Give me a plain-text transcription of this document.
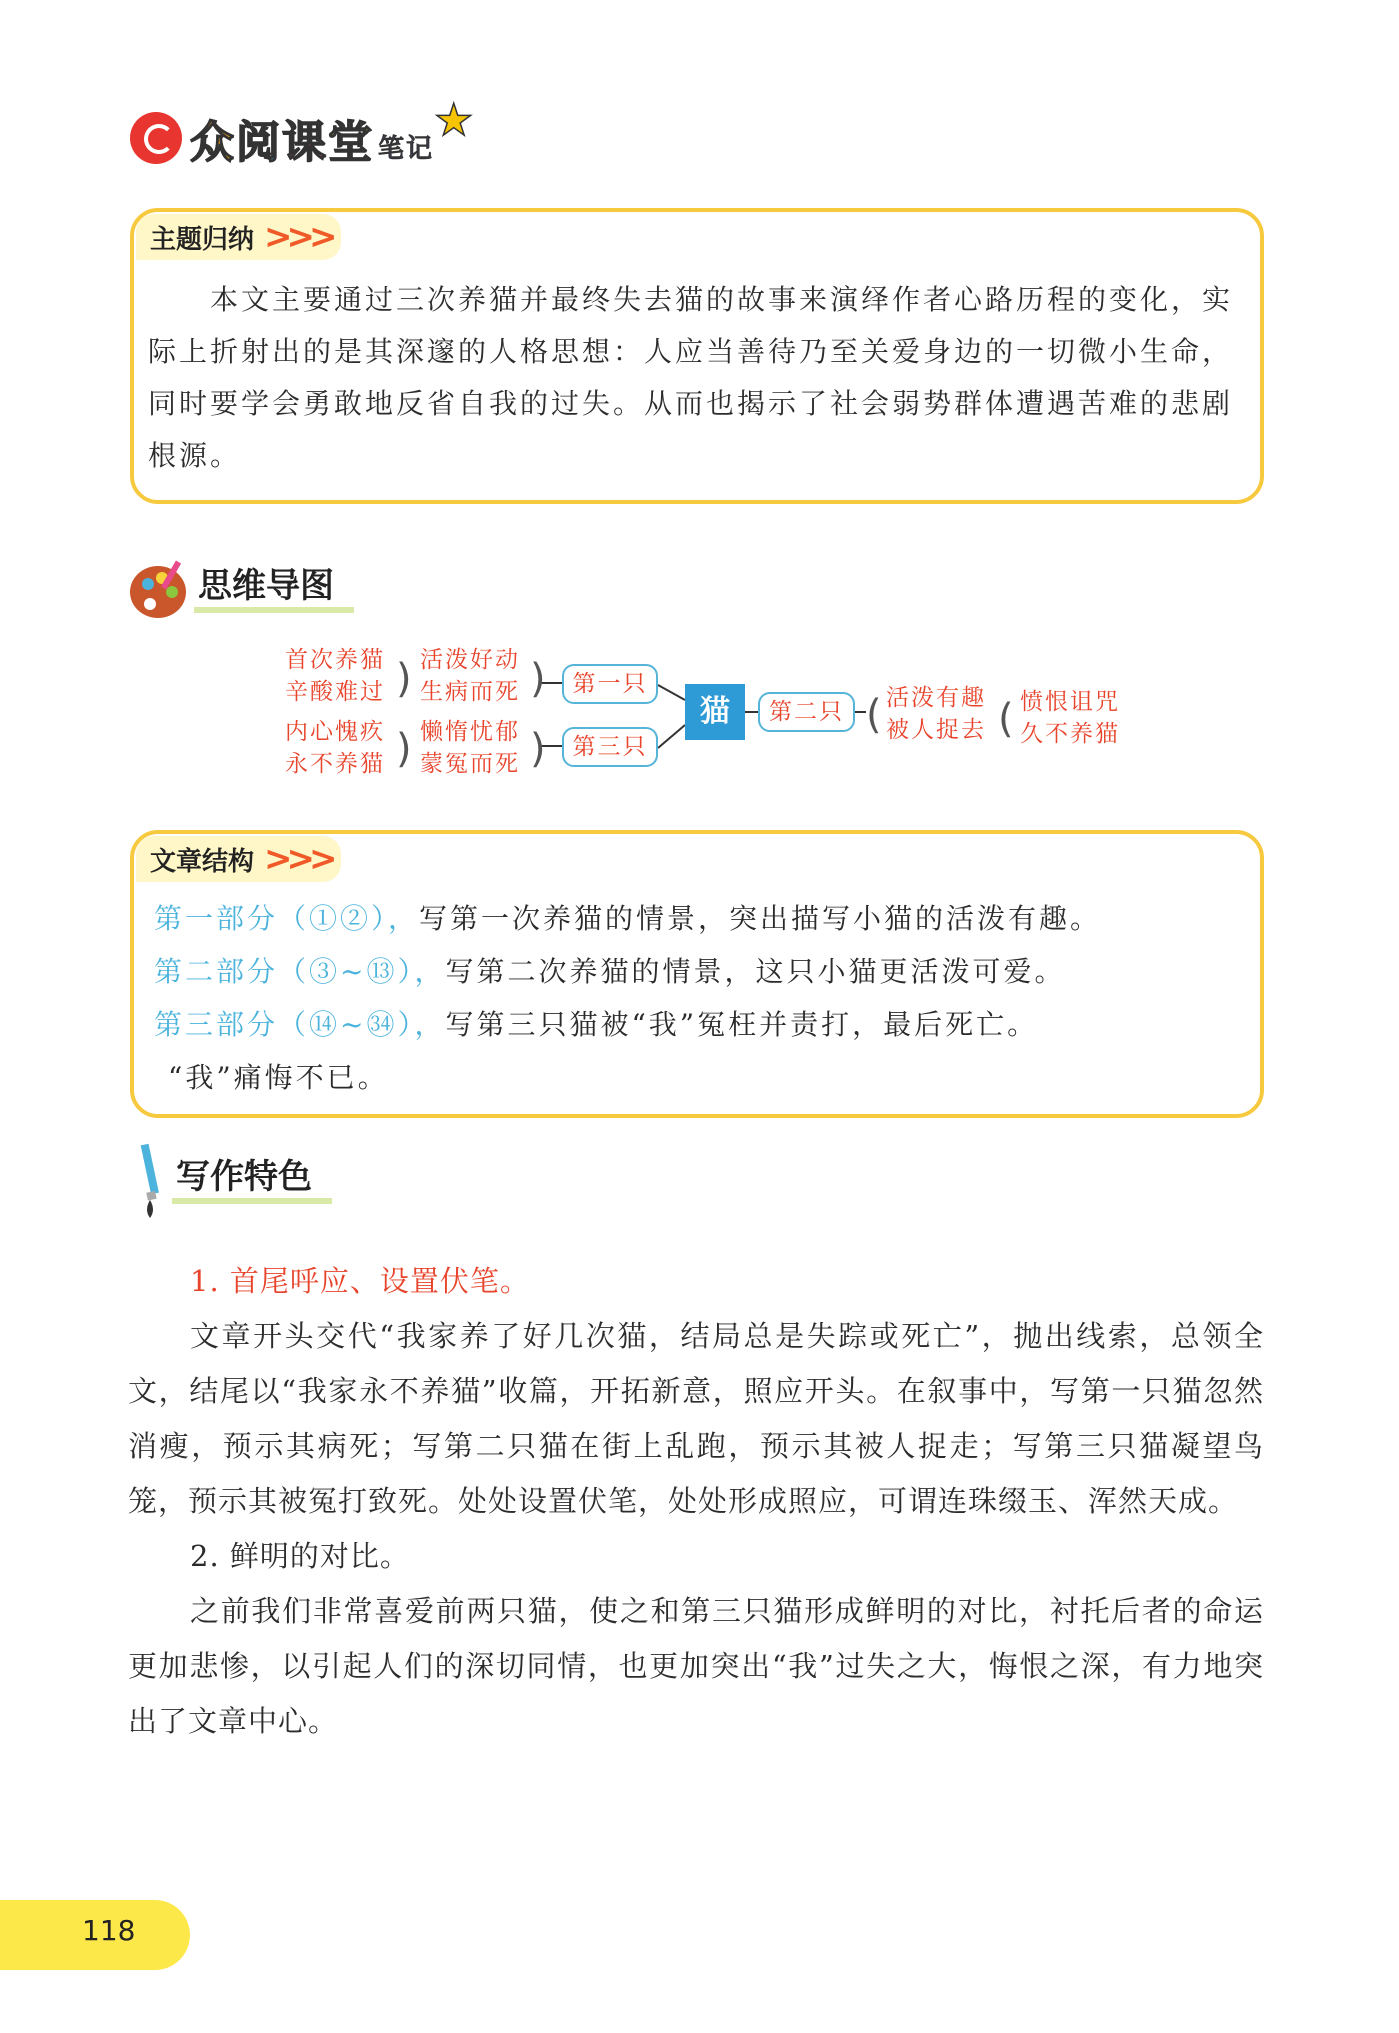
众阅课堂 笔记★
主题归纳 >>>
本文主要通过三次养猫并最终失去猫的故事来演绎作者心路历程的变化，实际上折射出的是其深邃的人格思想：人应当善待乃至关爱身边的一切微小生命，同时要学会勇敢地反省自我的过失。从而也揭示了社会弱势群体遭遇苦难的悲剧根源。
思维导图
首次养猫
辛酸难过 ) 活泼好动
生病而死 )	第一只
内心愧疚
永不养猫 ) 懒惰忧郁
蒙冤而死 )	第三只
猫	第二只 ( 活泼有趣
被人捉去 ( 愤恨诅咒
久不养猫
文章结构 >>>
第一部分（①②），写第一次养猫的情景，突出描写小猫的活泼有趣。
第二部分（③~⑬），写第二次养猫的情景，这只小猫更活泼可爱。
第三部分（⑭~㉞），写第三只猫被“我”冤枉并责打，最后死亡。
“我”痛悔不已。
写作特色
1. 首尾呼应、设置伏笔。
文章开头交代“我家养了好几次猫，结局总是失踪或死亡”，抛出线索，总领全文，结尾以“我家永不养猫”收篇，开拓新意，照应开头。在叙事中，写第一只猫忽然消瘦，预示其病死；写第二只猫在街上乱跑，预示其被人捉走；写第三只猫凝望鸟笼，预示其被冤打致死。处处设置伏笔，处处形成照应，可谓连珠缀玉、浑然天成。
2. 鲜明的对比。
之前我们非常喜爱前两只猫，使之和第三只猫形成鲜明的对比，衬托后者的命运更加悲惨，以引起人们的深切同情，也更加突出“我”过失之大，悔恨之深，有力地突出了文章中心。
118
